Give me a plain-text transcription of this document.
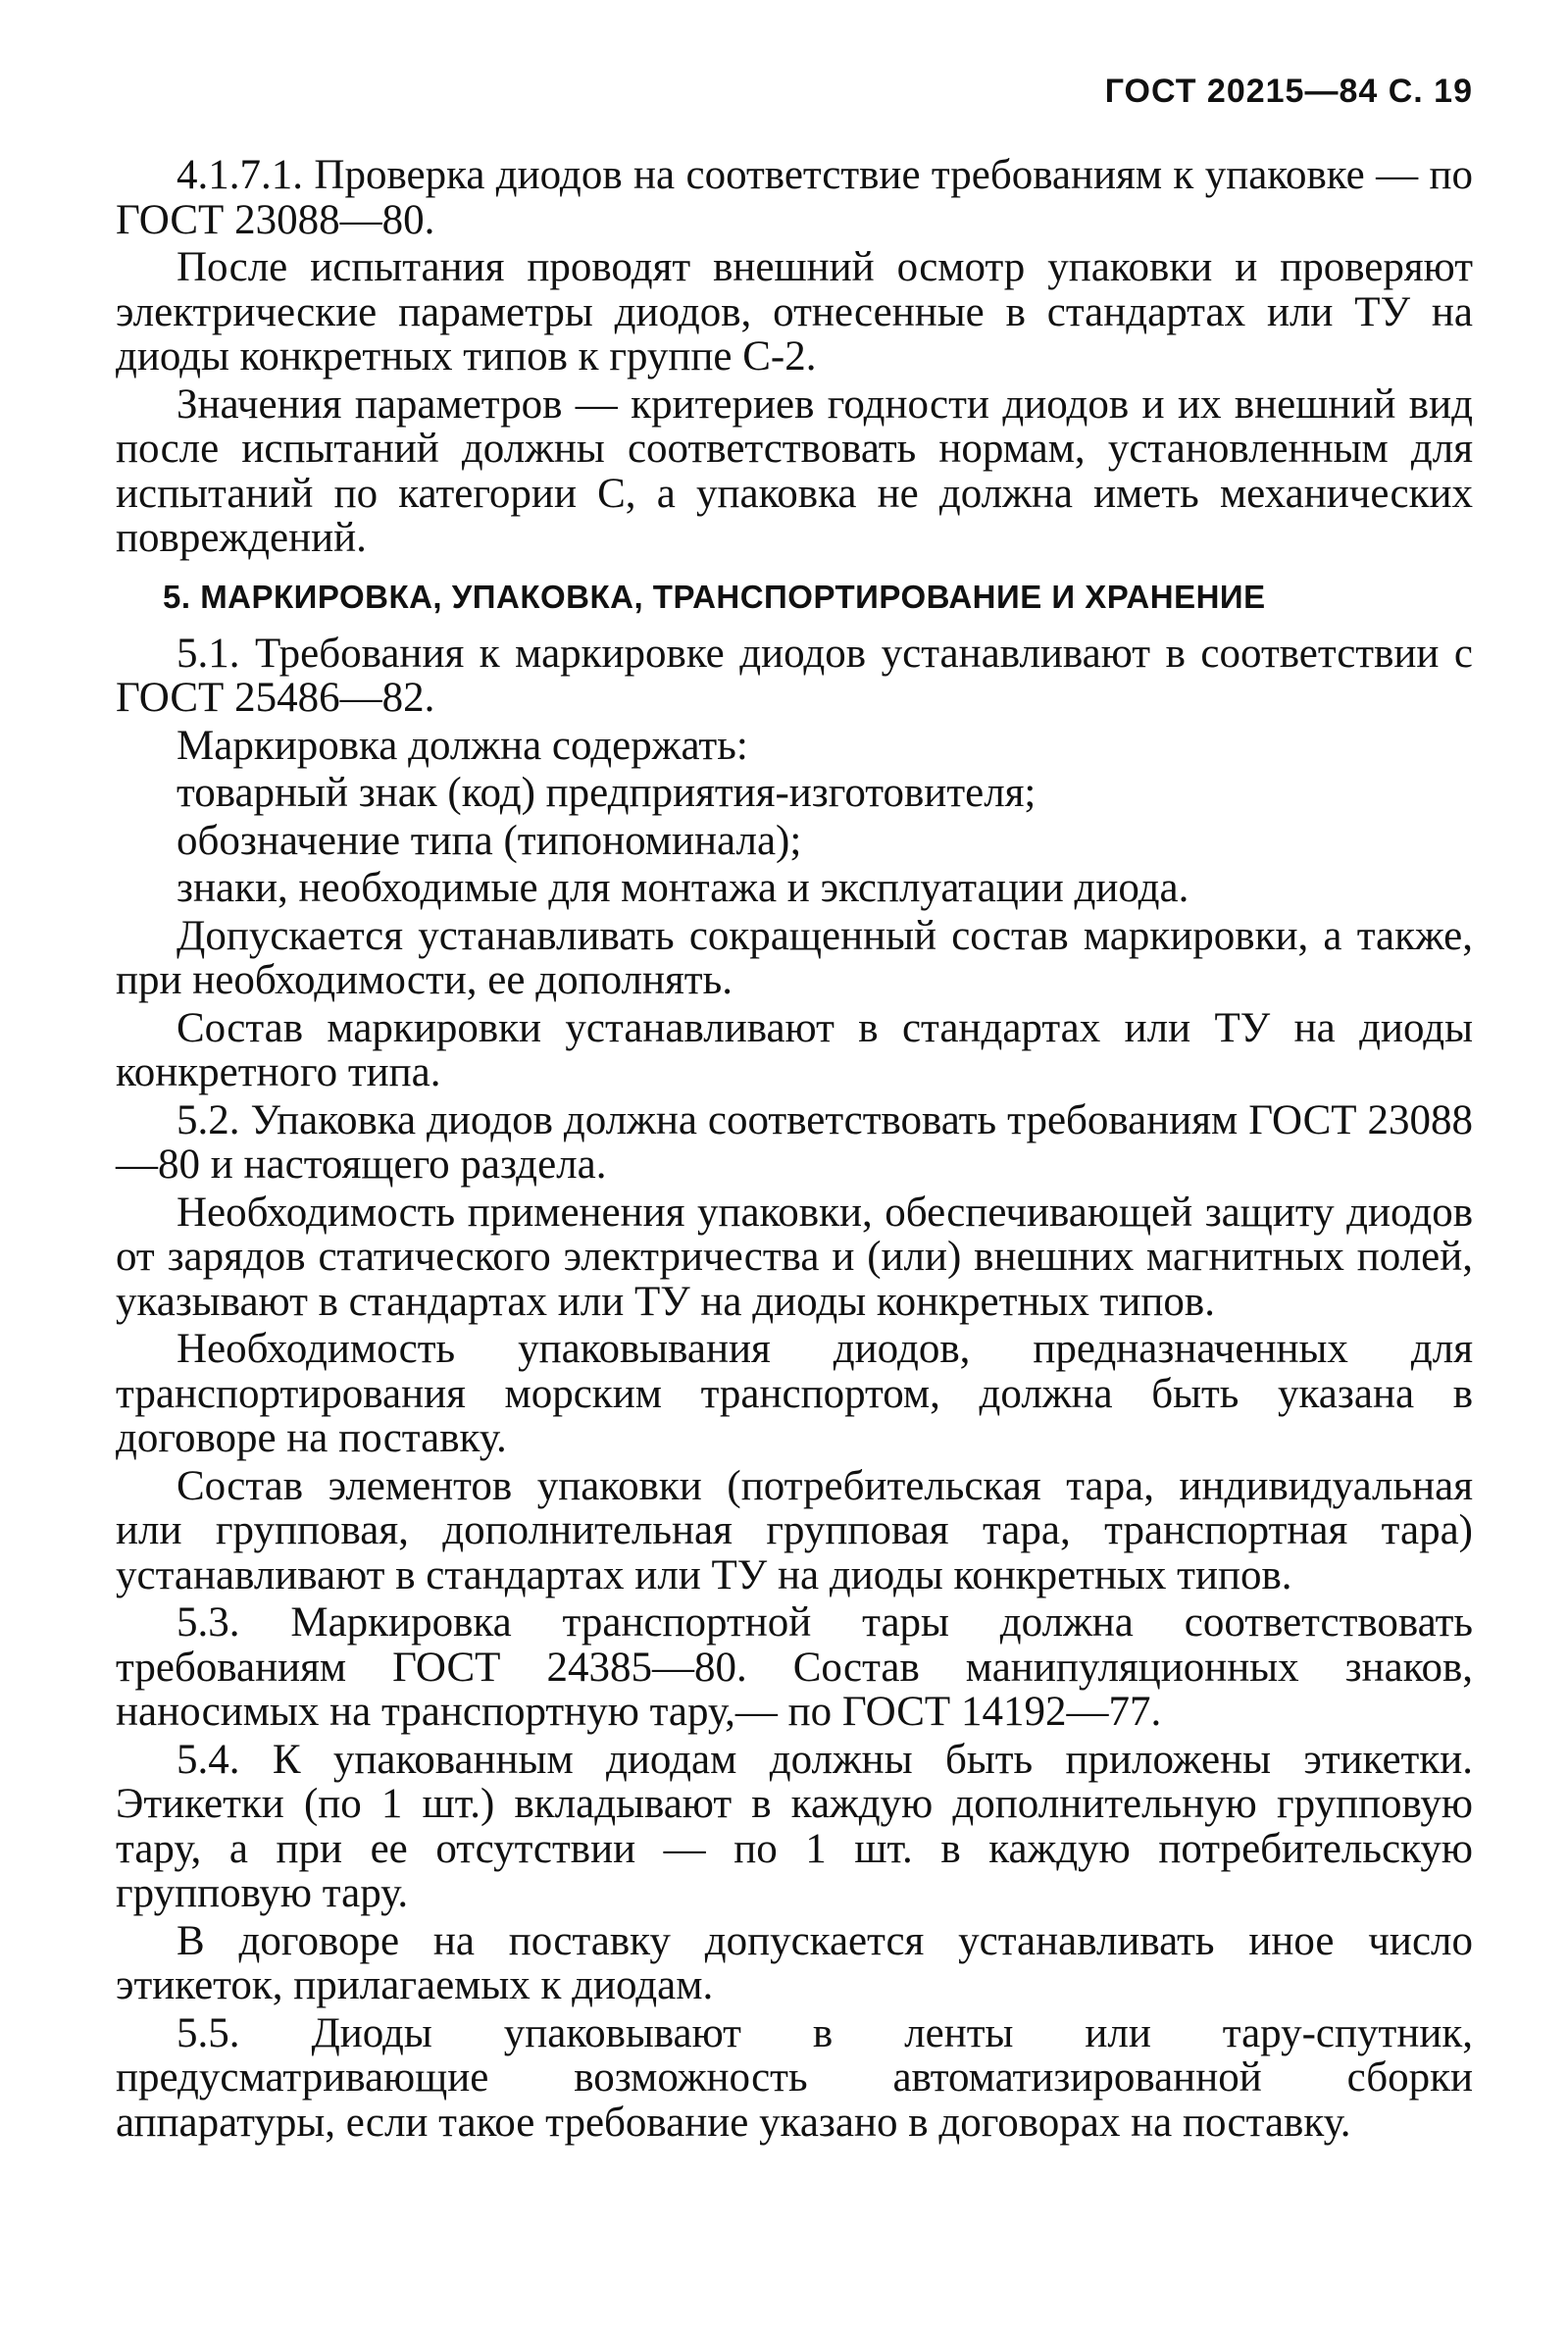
ГОСТ 20215—84 С. 19

4.1.7.1. Проверка диодов на соответствие требованиям к упаковке — по ГОСТ 23088—80.

После испытания проводят внешний осмотр упаковки и проверяют электрические параметры диодов, отнесенные в стандартах или ТУ на диоды конкретных типов к группе С-2.

Значения параметров — критериев годности диодов и их внешний вид после испытаний должны соответствовать нормам, установленным для испытаний по категории С, а упаковка не должна иметь механических повреждений.

5. МАРКИРОВКА, УПАКОВКА, ТРАНСПОРТИРОВАНИЕ И ХРАНЕНИЕ

5.1. Требования к маркировке диодов устанавливают в соответствии с ГОСТ 25486—82.

Маркировка должна содержать:

товарный знак (код) предприятия-изготовителя;

обозначение типа (типономинала);

знаки, необходимые для монтажа и эксплуатации диода.

Допускается устанавливать сокращенный состав маркировки, а также, при необходимости, ее дополнять.

Состав маркировки устанавливают в стандартах или ТУ на диоды конкретного типа.

5.2. Упаковка диодов должна соответствовать требованиям ГОСТ 23088—80 и настоящего раздела.

Необходимость применения упаковки, обеспечивающей защиту диодов от зарядов статического электричества и (или) внешних магнитных полей, указывают в стандартах или ТУ на диоды конкретных типов.

Необходимость упаковывания диодов, предназначенных для транспортирования морским транспортом, должна быть указана в договоре на поставку.

Состав элементов упаковки (потребительская тара, индивидуальная или групповая, дополнительная групповая тара, транспортная тара) устанавливают в стандартах или ТУ на диоды конкретных типов.

5.3. Маркировка транспортной тары должна соответствовать требованиям ГОСТ 24385—80. Состав манипуляционных знаков, наносимых на транспортную тару,— по ГОСТ 14192—77.

5.4. К упакованным диодам должны быть приложены этикетки. Этикетки (по 1 шт.) вкладывают в каждую дополнительную групповую тару, а при ее отсутствии — по 1 шт. в каждую потребительскую групповую тару.

В договоре на поставку допускается устанавливать иное число этикеток, прилагаемых к диодам.

5.5. Диоды упаковывают в ленты или тару-спутник, предусматривающие возможность автоматизированной сборки аппаратуры, если такое требование указано в договорах на поставку.
